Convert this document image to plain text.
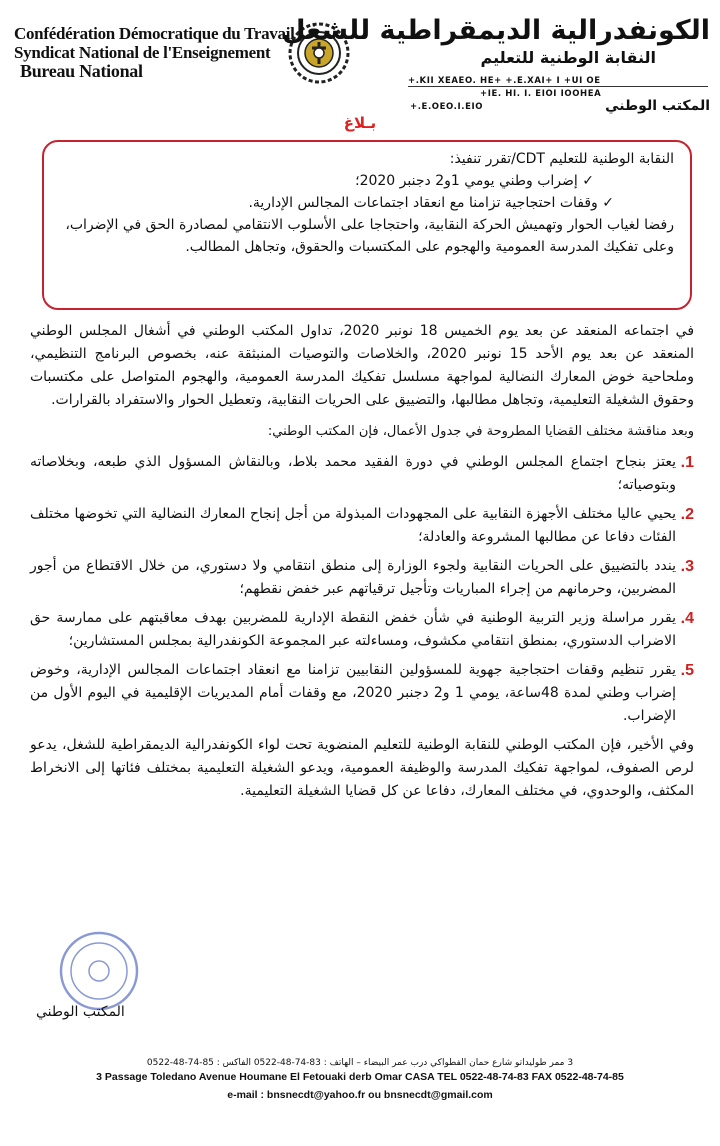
Confédération Démocratique du Travail
Syndicat National de l'Enseignement
Bureau National
الكونفدرالية الديمقراطية للشغل
النقابة الوطنية للتعليم
+.KII XEAEO. HE+ +.E.XAI+ I +UI OE
+IE. HI. I. EIOI IOOHEA
+.E.OEO.I.EIO	المكتب الوطني
بـلاغ
النقابة الوطنية للتعليم CDT/تقرر تنفيذ:
✓ إضراب وطني يومي 1و2 دجنبر 2020؛
✓ وقفات احتجاجية تزامنا مع انعقاد اجتماعات المجالس الإدارية.
رفضا لغياب الحوار وتهميش الحركة النقابية، واحتجاجا على الأسلوب الانتقامي لمصادرة الحق في الإضراب، وعلى تفكيك المدرسة العمومية والهجوم على المكتسبات والحقوق، وتجاهل المطالب.

في اجتماعه المنعقد عن بعد يوم الخميس 18 نونبر 2020، تداول المكتب الوطني في أشغال المجلس الوطني المنعقد عن بعد يوم الأحد 15 نونبر 2020، والخلاصات والتوصيات المنبثقة عنه، بخصوص البرنامج التنظيمي، وملحاحية خوض المعارك النضالية لمواجهة مسلسل تفكيك المدرسة العمومية، والهجوم المتواصل على مكتسبات وحقوق الشغيلة التعليمية، وتجاهل مطالبها، والتضييق على الحريات النقابية، وتعطيل الحوار والاستفراد بالقرارات.

وبعد مناقشة مختلف القضايا المطروحة في جدول الأعمال، فإن المكتب الوطني:

1.
يعتز بنجاح اجتماع المجلس الوطني في دورة الفقيد محمد بلاط، وبالنقاش المسؤول الذي طبعه، وبخلاصاته وبتوصياته؛
2.
يحيي عاليا مختلف الأجهزة النقابية على المجهودات المبذولة من أجل إنجاح المعارك النضالية التي تخوضها مختلف الفئات دفاعا عن مطالبها المشروعة والعادلة؛
3.
يندد بالتضييق على الحريات النقابية ولجوء الوزارة إلى منطق انتقامي ولا دستوري، من خلال الاقتطاع من أجور المضربين، وحرمانهم من إجراء المباريات وتأجيل ترقياتهم عبر خفض نقطهم؛
4.
يقرر مراسلة وزير التربية الوطنية في شأن خفض النقطة الإدارية للمضربين بهدف معاقبتهم على ممارسة حق الاضراب الدستوري، بمنطق انتقامي مكشوف، ومساءلته عبر المجموعة الكونفدرالية بمجلس المستشارين؛
5.
يقرر تنظيم وقفات احتجاجية جهوية للمسؤولين النقابيين تزامنا مع انعقاد اجتماعات المجالس الإدارية، وخوض إضراب وطني لمدة 48ساعة، يومي 1 و2 دجنبر 2020، مع وقفات أمام المديريات الإقليمية في اليوم الأول من الإضراب.

وفي الأخير، فإن المكتب الوطني للنقابة الوطنية للتعليم المنضوية تحت لواء الكونفدرالية الديمقراطية للشغل، يدعو لرص الصفوف، لمواجهة تفكيك المدرسة والوظيفة العمومية، ويدعو الشغيلة التعليمية بمختلف فئاتها إلى الانخراط المكثف، والوحدوي، في مختلف المعارك، دفاعا عن كل قضايا الشغيلة التعليمية.

المكتب الوطني
3 ممر طوليداتو شارع حمان الفطواكي درب عمر البيضاء – الهاتف : 83-74-48-0522 الفاكس : 85-74-48-0522
3 Passage Toledano Avenue Houmane El Fetouaki derb Omar CASA TEL 0522-48-74-83 FAX 0522-48-74-85
e-mail : bnsnecdt@yahoo.fr ou bnsnecdt@gmail.com
